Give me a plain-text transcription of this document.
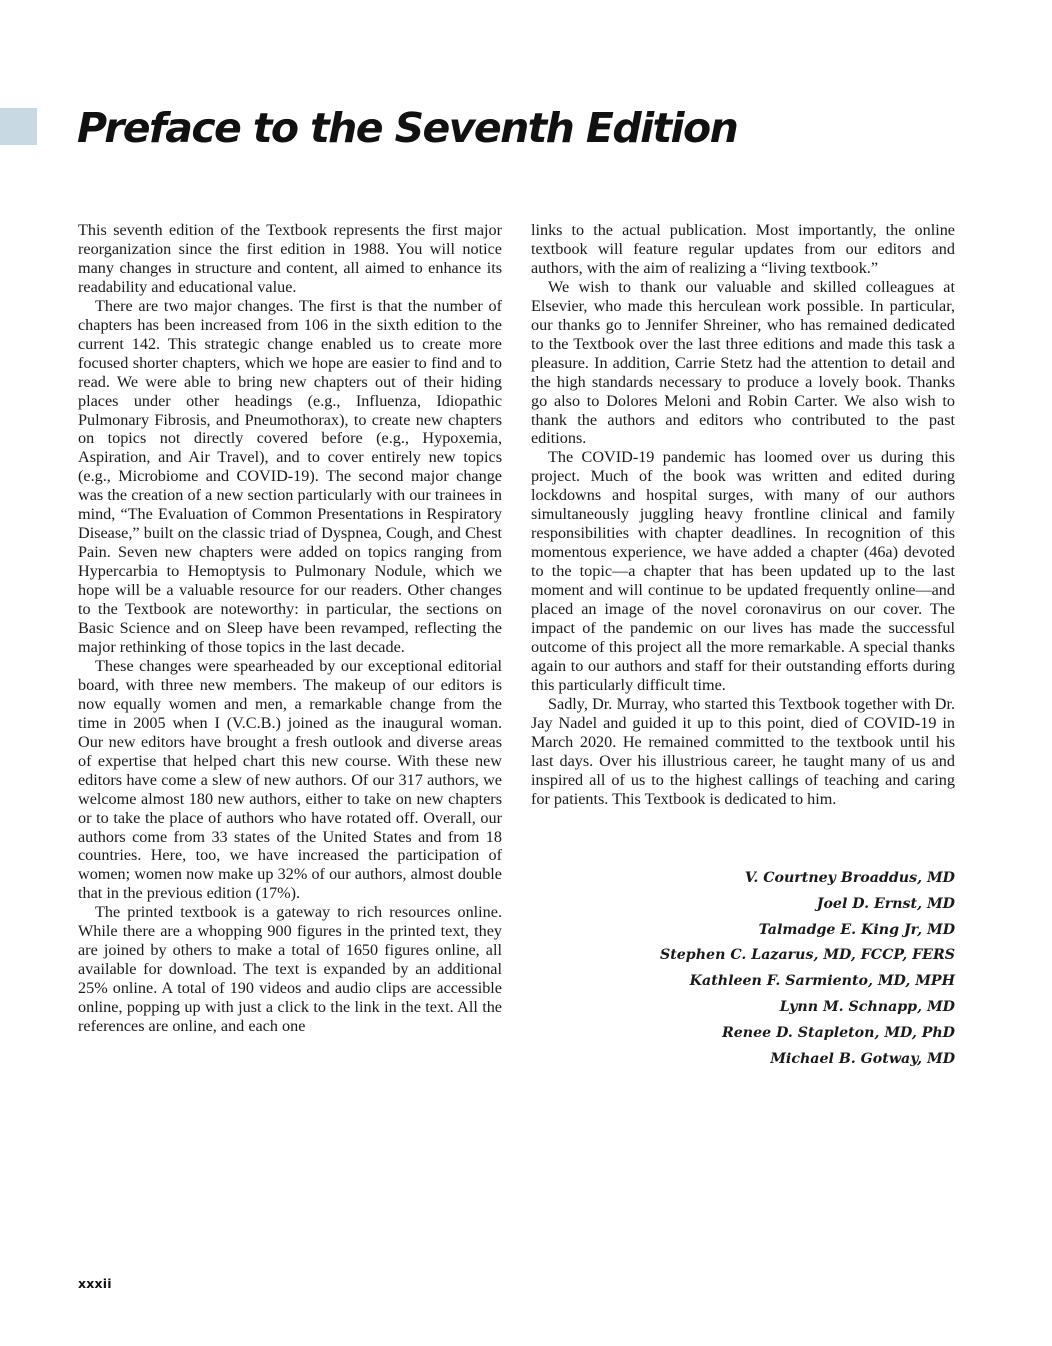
Preface to the Seventh Edition

This seventh edition of the Textbook represents the first major reorganization since the first edition in 1988. You will notice many changes in structure and content, all aimed to enhance its readability and educational value.

There are two major changes. The first is that the number of chapters has been increased from 106 in the sixth edition to the current 142. This strategic change enabled us to create more focused shorter chapters, which we hope are easier to find and to read. We were able to bring new chapters out of their hiding places under other headings (e.g., Influenza, Idiopathic Pulmonary Fibrosis, and Pneumothorax), to create new chapters on topics not directly covered before (e.g., Hypoxemia, Aspiration, and Air Travel), and to cover entirely new topics (e.g., Microbiome and COVID-19). The second major change was the creation of a new section particularly with our trainees in mind, “The Evaluation of Common Presentations in Respiratory Disease,” built on the classic triad of Dyspnea, Cough, and Chest Pain. Seven new chapters were added on topics ranging from Hypercarbia to Hemoptysis to Pulmonary Nodule, which we hope will be a valuable resource for our readers. Other changes to the Textbook are noteworthy: in particular, the sections on Basic Science and on Sleep have been revamped, reflecting the major rethinking of those topics in the last decade.

These changes were spearheaded by our exceptional editorial board, with three new members. The makeup of our editors is now equally women and men, a remarkable change from the time in 2005 when I (V.C.B.) joined as the inaugural woman. Our new editors have brought a fresh outlook and diverse areas of expertise that helped chart this new course. With these new editors have come a slew of new authors. Of our 317 authors, we welcome almost 180 new authors, either to take on new chapters or to take the place of authors who have rotated off. Overall, our authors come from 33 states of the United States and from 18 countries. Here, too, we have increased the participation of women; women now make up 32% of our authors, almost double that in the previous edition (17%).

The printed textbook is a gateway to rich resources online. While there are a whopping 900 figures in the printed text, they are joined by others to make a total of 1650 figures online, all available for download. The text is expanded by an additional 25% online. A total of 190 videos and audio clips are accessible online, popping up with just a click to the link in the text. All the references are online, and each one

links to the actual publication. Most importantly, the online textbook will feature regular updates from our editors and authors, with the aim of realizing a “living textbook.”

We wish to thank our valuable and skilled colleagues at Elsevier, who made this herculean work possible. In particular, our thanks go to Jennifer Shreiner, who has remained dedicated to the Textbook over the last three editions and made this task a pleasure. In addition, Carrie Stetz had the attention to detail and the high standards necessary to produce a lovely book. Thanks go also to Dolores Meloni and Robin Carter. We also wish to thank the authors and editors who contributed to the past editions.

The COVID-19 pandemic has loomed over us during this project. Much of the book was written and edited during lockdowns and hospital surges, with many of our authors simultaneously juggling heavy frontline clinical and family responsibilities with chapter deadlines. In recognition of this momentous experience, we have added a chapter (46a) devoted to the topic—a chapter that has been updated up to the last moment and will continue to be updated frequently online—and placed an image of the novel coronavirus on our cover. The impact of the pandemic on our lives has made the successful outcome of this project all the more remarkable. A special thanks again to our authors and staff for their outstanding efforts during this particularly difficult time.

Sadly, Dr. Murray, who started this Textbook together with Dr. Jay Nadel and guided it up to this point, died of COVID-19 in March 2020. He remained committed to the textbook until his last days. Over his illustrious career, he taught many of us and inspired all of us to the highest callings of teaching and caring for patients. This Textbook is dedicated to him.

V. Courtney Broaddus, MD
Joel D. Ernst, MD
Talmadge E. King Jr, MD
Stephen C. Lazarus, MD, FCCP, FERS
Kathleen F. Sarmiento, MD, MPH
Lynn M. Schnapp, MD
Renee D. Stapleton, MD, PhD
Michael B. Gotway, MD
xxxii
